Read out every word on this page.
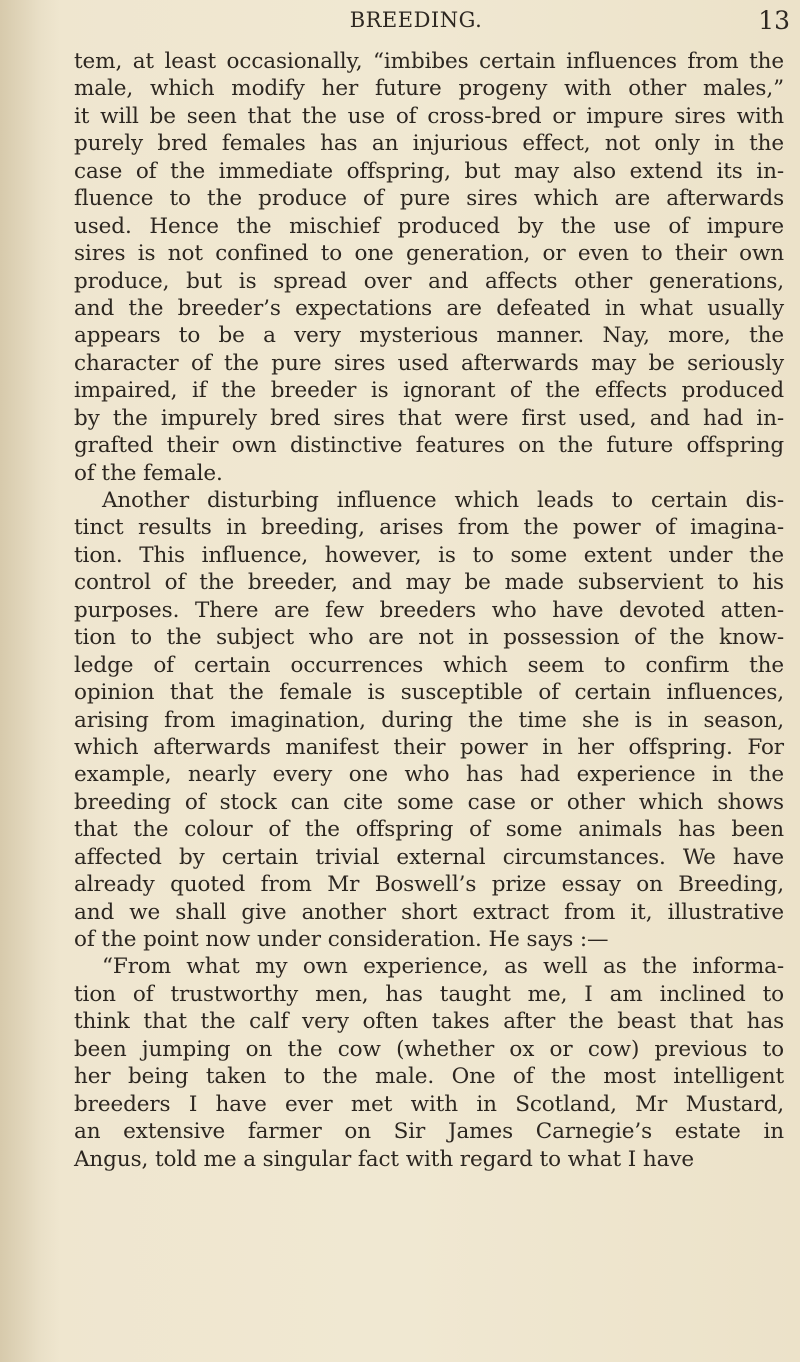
BREEDING.	13
tem, at least occasionally, “imbibes certain influences from the
male, which modify her future progeny with other males,”
it will be seen that the use of cross-bred or impure sires with
purely bred females has an injurious effect, not only in the
case of the immediate offspring, but may also extend its in-
fluence to the produce of pure sires which are afterwards
used. Hence the mischief produced by the use of impure
sires is not confined to one generation, or even to their own
produce, but is spread over and affects other generations,
and the breeder’s expectations are defeated in what usually
appears to be a very mysterious manner. Nay, more, the
character of the pure sires used afterwards may be seriously
impaired, if the breeder is ignorant of the effects produced
by the impurely bred sires that were first used, and had in-
grafted their own distinctive features on the future offspring
of the female.
Another disturbing influence which leads to certain dis-
tinct results in breeding, arises from the power of imagina-
tion. This influence, however, is to some extent under the
control of the breeder, and may be made subservient to his
purposes. There are few breeders who have devoted atten-
tion to the subject who are not in possession of the know-
ledge of certain occurrences which seem to confirm the
opinion that the female is susceptible of certain influences,
arising from imagination, during the time she is in season,
which afterwards manifest their power in her offspring. For
example, nearly every one who has had experience in the
breeding of stock can cite some case or other which shows
that the colour of the offspring of some animals has been
affected by certain trivial external circumstances. We have
already quoted from Mr Boswell’s prize essay on Breeding,
and we shall give another short extract from it, illustrative
of the point now under consideration. He says :—
“From what my own experience, as well as the informa-
tion of trustworthy men, has taught me, I am inclined to
think that the calf very often takes after the beast that has
been jumping on the cow (whether ox or cow) previous to
her being taken to the male. One of the most intelligent
breeders I have ever met with in Scotland, Mr Mustard,
an extensive farmer on Sir James Carnegie’s estate in
Angus, told me a singular fact with regard to what I have
